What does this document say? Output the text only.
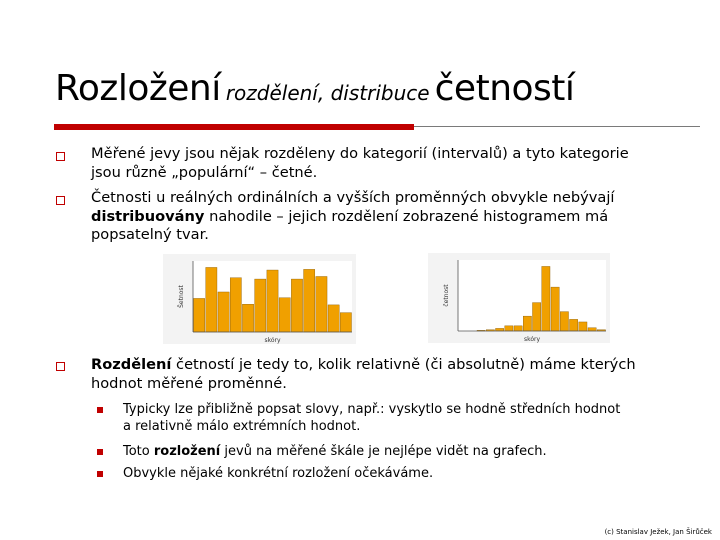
Rozložení rozdělení, distribuce četností
Měřené jevy jsou nějak rozděleny do kategorií (intervalů) a tyto kategorie
jsou různě „populární“ – četné.
Četnosti u reálných ordinálních a vyšších proměnných obvykle nebývají
distribuovány nahodile – jejich rozdělení zobrazené histogramem má
popsatelný tvar.
skóry
Šetnost
skóry
četnost
Rozdělení četností je tedy to, kolik relativně (či absolutně) máme kterých
hodnot měřené proměnné.
Typicky lze přibližně popsat slovy, např.: vyskytlo se hodně středních hodnot
a relativně málo extrémních hodnot.
Toto rozložení jevů na měřené škále je nejlépe vidět na grafech.
Obvykle nějaké konkrétní rozložení očekáváme.
(c) Stanislav Ježek, Jan Širůček
